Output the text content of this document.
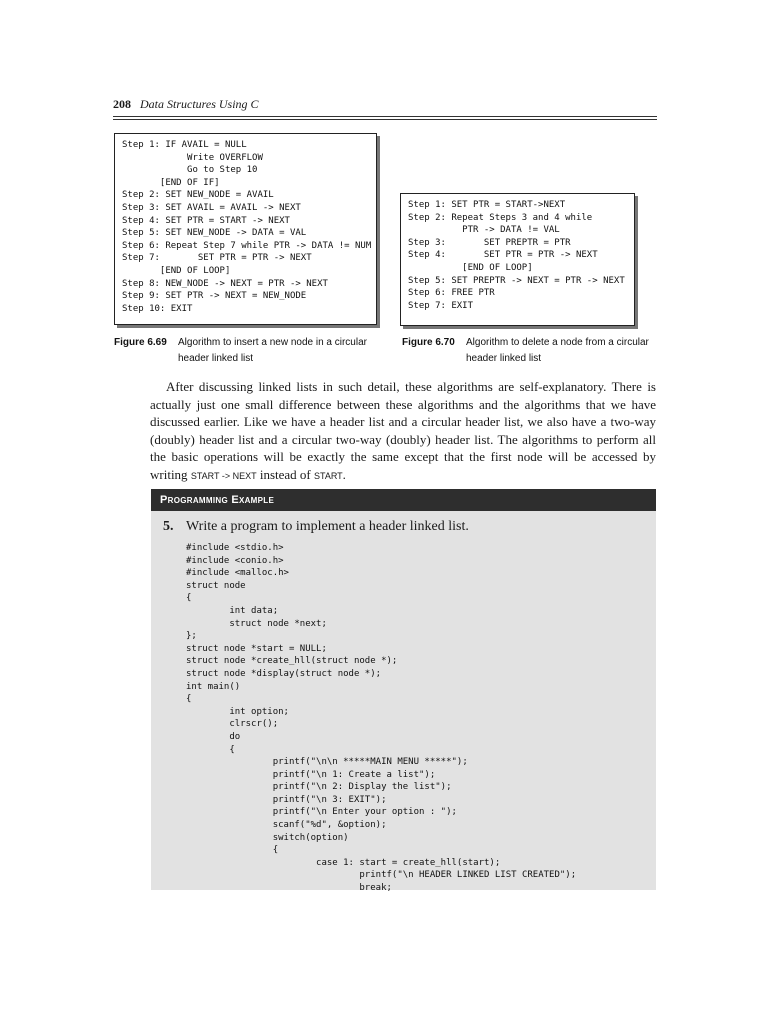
208 Data Structures Using C
Step 1: IF AVAIL = NULL
Write OVERFLOW
Go to Step 10
[END OF IF]
Step 2: SET NEW_NODE = AVAIL
Step 3: SET AVAIL = AVAIL -> NEXT
Step 4: SET PTR = START -> NEXT
Step 5: SET NEW_NODE -> DATA = VAL
Step 6: Repeat Step 7 while PTR -> DATA != NUM
Step 7:       SET PTR = PTR -> NEXT
[END OF LOOP]
Step 8: NEW_NODE -> NEXT = PTR -> NEXT
Step 9: SET PTR -> NEXT = NEW_NODE
Step 10: EXIT
Step 1: SET PTR = START->NEXT
Step 2: Repeat Steps 3 and 4 while
PTR -> DATA != VAL
Step 3:       SET PREPTR = PTR
Step 4:       SET PTR = PTR -> NEXT
[END OF LOOP]
Step 5: SET PREPTR -> NEXT = PTR -> NEXT
Step 6: FREE PTR
Step 7: EXIT
Figure 6.69 Algorithm to insert a new node in a circular header linked list
Figure 6.70 Algorithm to delete a node from a circular header linked list
After discussing linked lists in such detail, these algorithms are self-explanatory. There is actually just one small difference between these algorithms and the algorithms that we have discussed earlier. Like we have a header list and a circular header list, we also have a two-way (doubly) header list and a circular two-way (doubly) header list. The algorithms to perform all the basic operations will be exactly the same except that the first node will be accessed by writing START -> NEXT instead of START.
Programming Example
5. Write a program to implement a header linked list.
#include <stdio.h>
#include <conio.h>
#include <malloc.h>
struct node
{
int data;
struct node *next;
};
struct node *start = NULL;
struct node *create_hll(struct node *);
struct node *display(struct node *);
int main()
{
int option;
clrscr();
do
{
printf("\n\n *****MAIN MENU *****");
printf("\n 1: Create a list");
printf("\n 2: Display the list");
printf("\n 3: EXIT");
printf("\n Enter your option : ");
scanf("%d", &option);
switch(option)
{
case 1: start = create_hll(start);
printf("\n HEADER LINKED LIST CREATED");
break;
